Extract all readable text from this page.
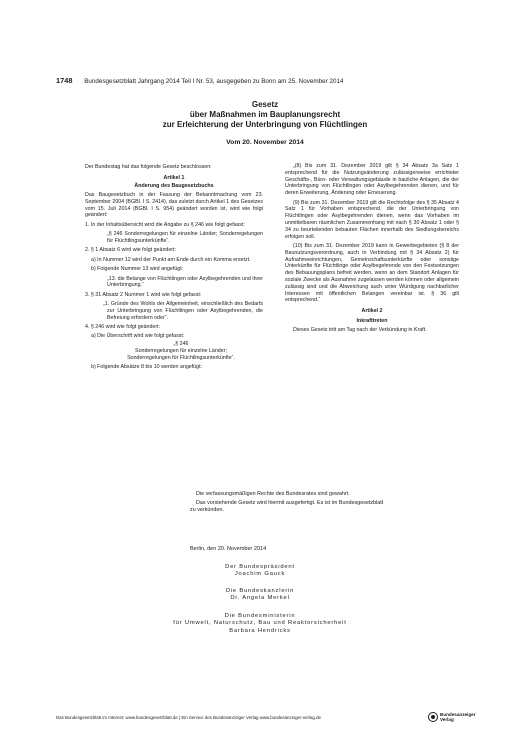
1748 Bundesgesetzblatt Jahrgang 2014 Teil I Nr. 53, ausgegeben zu Bonn am 25. November 2014
Gesetz
über Maßnahmen im Bauplanungsrecht
zur Erleichterung der Unterbringung von Flüchtlingen
Vom 20. November 2014

Der Bundestag hat das folgende Gesetz beschlossen:

Artikel 1

Änderung des Baugesetzbuchs

Das Baugesetzbuch in der Fassung der Bekanntmachung vom 23. September 2004 (BGBl. I S. 2414), das zuletzt durch Artikel 1 des Gesetzes vom 15. Juli 2014 (BGBl. I S. 954) geändert worden ist, wird wie folgt geändert:

1. In der Inhaltsübersicht wird die Angabe zu § 246 wie folgt gefasst:

„§ 246 Sonderregelungen für einzelne Länder; Sonderregelungen für Flüchtlingsunterkünfte“.

2. § 1 Absatz 6 wird wie folgt geändert:

a) In Nummer 12 wird der Punkt am Ende durch ein Komma ersetzt.

b) Folgende Nummer 13 wird angefügt:

„13. die Belange von Flüchtlingen oder Asylbegehrenden und ihrer Unterbringung.“

3. § 31 Absatz 2 Nummer 1 wird wie folgt gefasst:

„1. Gründe des Wohls der Allgemeinheit, einschließlich des Bedarfs zur Unterbringung von Flüchtlingen oder Asylbegehrenden, die Befreiung erfordern oder“.

4. § 246 wird wie folgt geändert:

a) Die Überschrift wird wie folgt gefasst:

„§ 246

Sonderregelungen für einzelne Länder;

Sonderregelungen für Flüchtlingsunterkünfte“.

b) Folgende Absätze 8 bis 10 werden angefügt:

„(8) Bis zum 31. Dezember 2019 gilt § 34 Absatz 3a Satz 1 entsprechend für die Nutzungsänderung zulässigerweise errichteter Geschäfts-, Büro- oder Verwaltungsgebäude in bauliche Anlagen, die der Unterbringung von Flüchtlingen oder Asylbegehrenden dienen, und für deren Erweiterung, Änderung oder Erneuerung.

(9) Bis zum 31. Dezember 2019 gilt die Rechtsfolge des § 35 Absatz 4 Satz 1 für Vorhaben entsprechend, die der Unterbringung von Flüchtlingen oder Asylbegehrenden dienen, wenn das Vorhaben im unmittelbaren räumlichen Zusammenhang mit nach § 30 Absatz 1 oder § 34 zu beurteilenden bebauten Flächen innerhalb des Siedlungsbereichs erfolgen soll.

(10) Bis zum 31. Dezember 2019 kann in Gewerbegebieten (§ 8 der Baunutzungsverordnung, auch in Verbindung mit § 34 Absatz 2) für Aufnahmeeinrichtungen, Gemeinschaftsunterkünfte oder sonstige Unterkünfte für Flüchtlinge oder Asylbegehrende von den Festsetzungen des Bebauungsplans befreit werden, wenn an dem Standort Anlagen für soziale Zwecke als Ausnahme zugelassen werden können oder allgemein zulässig sind und die Abweichung auch unter Würdigung nachbarlicher Interessen mit öffentlichen Belangen vereinbar ist. § 36 gilt entsprechend.“

Artikel 2

Inkrafttreten

Dieses Gesetz tritt am Tag nach der Verkündung in Kraft.

Die verfassungsmäßigen Rechte des Bundesrates sind gewahrt.

Das vorstehende Gesetz wird hiermit ausgefertigt. Es ist im Bundesgesetzblatt zu verkünden.

Berlin, den 20. November 2014
Der Bundespräsident
Joachim Gauck
Die Bundeskanzlerin
Dr. Angela Merkel
Die Bundesministerin
für Umwelt, Naturschutz, Bau und Reaktorsicherheit
Barbara Hendricks
Das Bundesgesetzblatt im Internet: www.bundesgesetzblatt.de | Ein Service des Bundesanzeiger Verlag www.bundesanzeiger-verlag.de
Bundesanzeiger
Verlag
